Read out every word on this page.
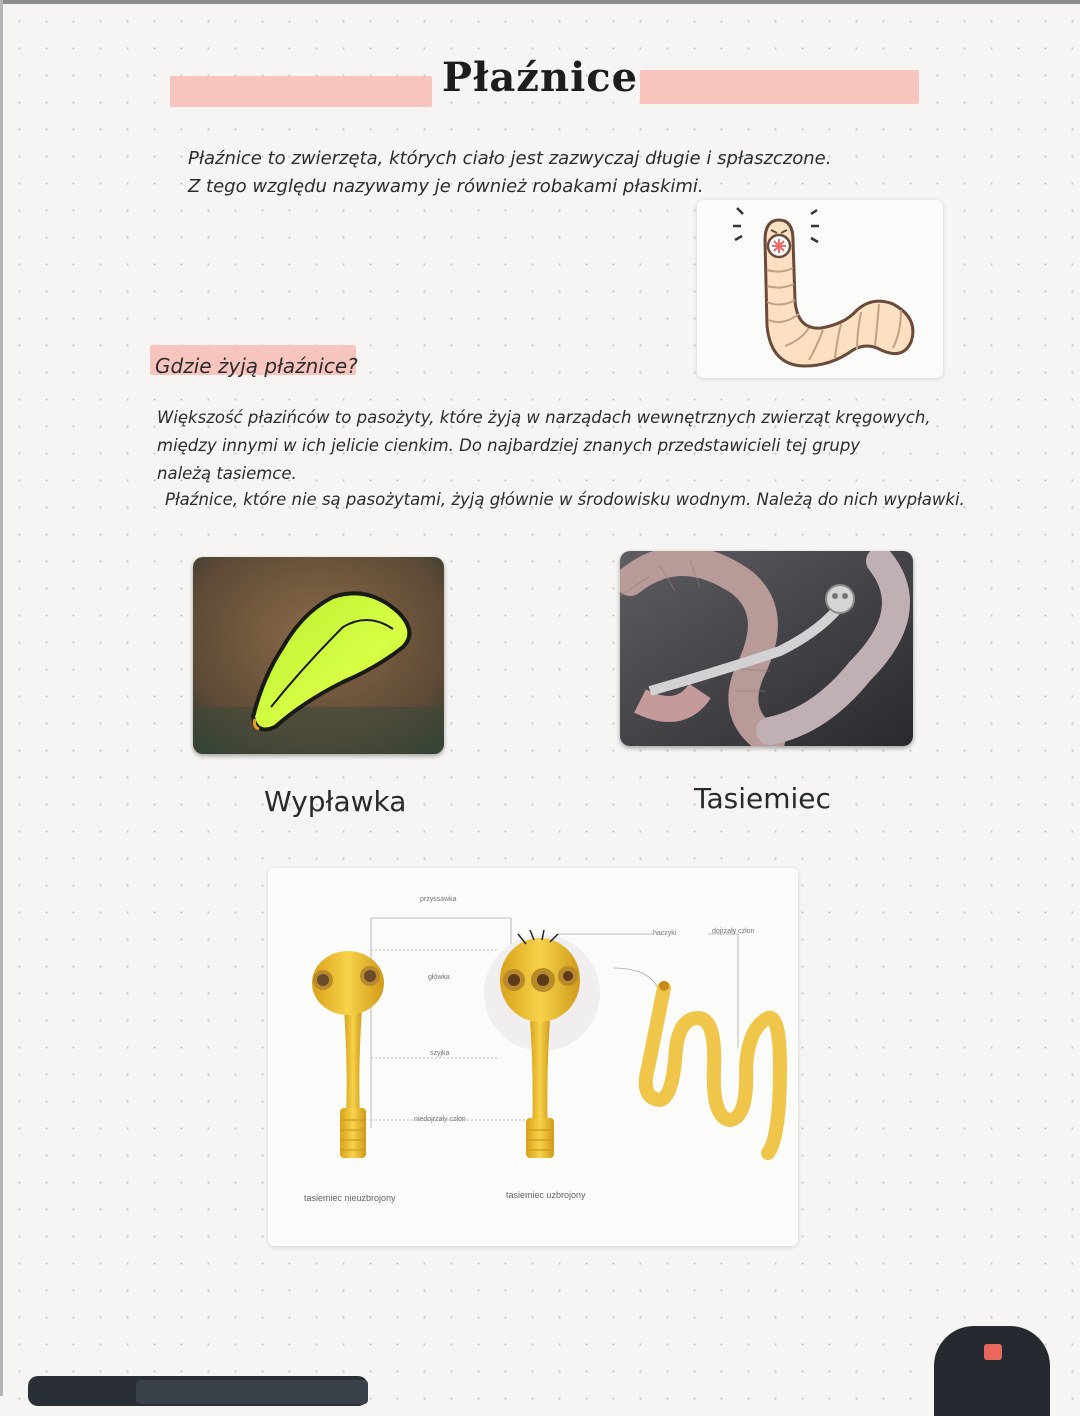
Płaźnice
Płaźnice to zwierzęta, których ciało jest zazwyczaj długie i spłaszczone.
Z tego względu nazywamy je również robakami płaskimi.
Gdzie żyją płaźnice?
Większość płazińców to pasożyty, które żyją w narządach wewnętrznych zwierząt kręgowych,
między innymi w ich jelicie cienkim. Do najbardziej znanych przedstawicieli tej grupy
należą tasiemce.
Płaźnice, które nie są pasożytami, żyją głównie w środowisku wodnym. Należą do nich wypławki.
Wypławka	Tasiemiec
przyssawka
główka
szyjka
niedojrzały człon
haczyki	dojrzały człon
tasiemiec nieuzbrojony	tasiemiec uzbrojony
